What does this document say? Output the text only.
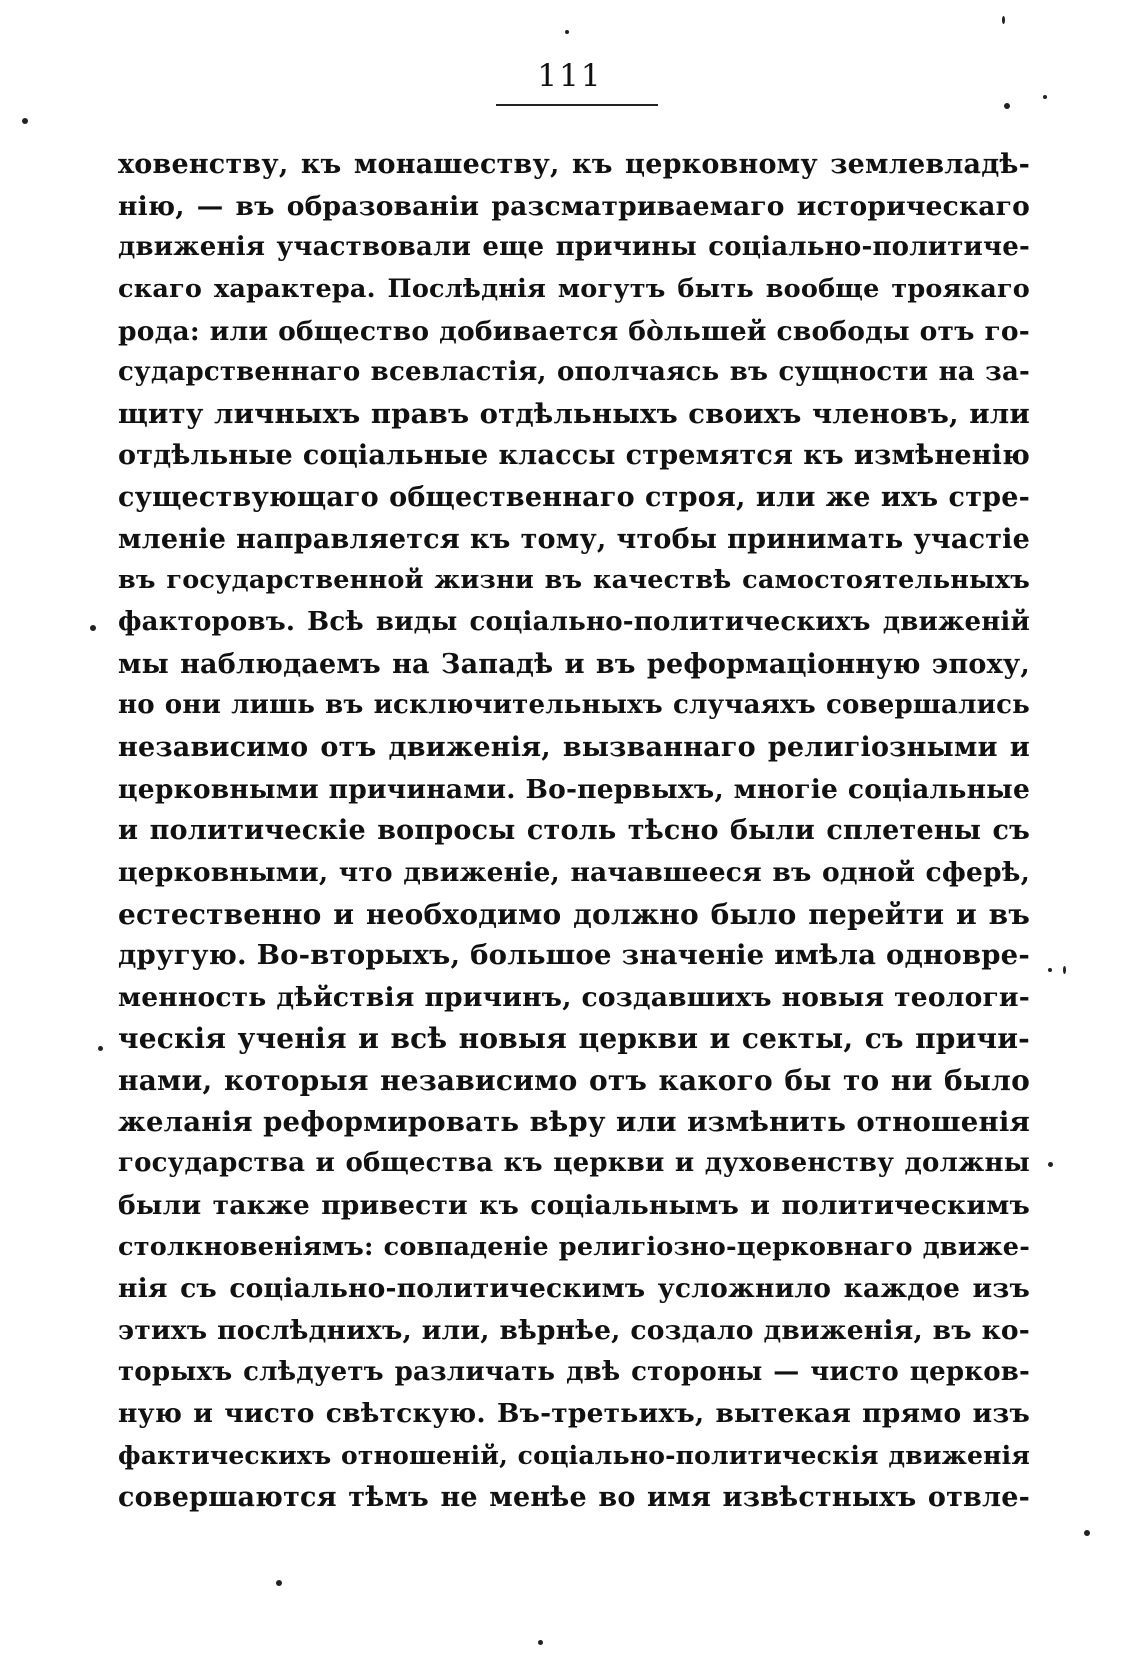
111
ховенству, къ монашеству, къ церковному землевладѣ-
нію, — въ образованіи разсматриваемаго историческаго
движенія участвовали еще причины соціально-политиче-
скаго характера. Послѣднія могутъ быть вообще троякаго
рода: или общество добивается бо̀льшей свободы отъ го-
сударственнаго всевластія, ополчаясь въ сущности на за-
щиту личныхъ правъ отдѣльныхъ своихъ членовъ, или
отдѣльные соціальные классы стремятся къ измѣненію
существующаго общественнаго строя, или же ихъ стре-
мленіе направляется къ тому, чтобы принимать участіе
въ государственной жизни въ качествѣ самостоятельныхъ
факторовъ. Всѣ виды соціально-политическихъ движеній
мы наблюдаемъ на Западѣ и въ реформаціонную эпоху,
но они лишь въ исключительныхъ случаяхъ совершались
независимо отъ движенія, вызваннаго религіозными и
церковными причинами. Во-первыхъ, многіе соціальные
и политическіе вопросы столь тѣсно были сплетены съ
церковными, что движеніе, начавшееся въ одной сферѣ,
естественно и необходимо должно было перейти и въ
другую. Во-вторыхъ, большое значеніе имѣла одновре-
менность дѣйствія причинъ, создавшихъ новыя теологи-
ческія ученія и всѣ новыя церкви и секты, съ причи-
нами, которыя независимо отъ какого бы то ни было
желанія реформировать вѣру или измѣнить отношенія
государства и общества къ церкви и духовенству должны
были также привести къ соціальнымъ и политическимъ
столкновеніямъ: совпаденіе религіозно-церковнаго движе-
нія съ соціально-политическимъ усложнило каждое изъ
этихъ послѣднихъ, или, вѣрнѣе, создало движенія, въ ко-
торыхъ слѣдуетъ различать двѣ стороны — чисто церков-
ную и чисто свѣтскую. Въ-третьихъ, вытекая прямо изъ
фактическихъ отношеній, соціально-политическія движенія
совершаются тѣмъ не менѣе во имя извѣстныхъ отвле-
